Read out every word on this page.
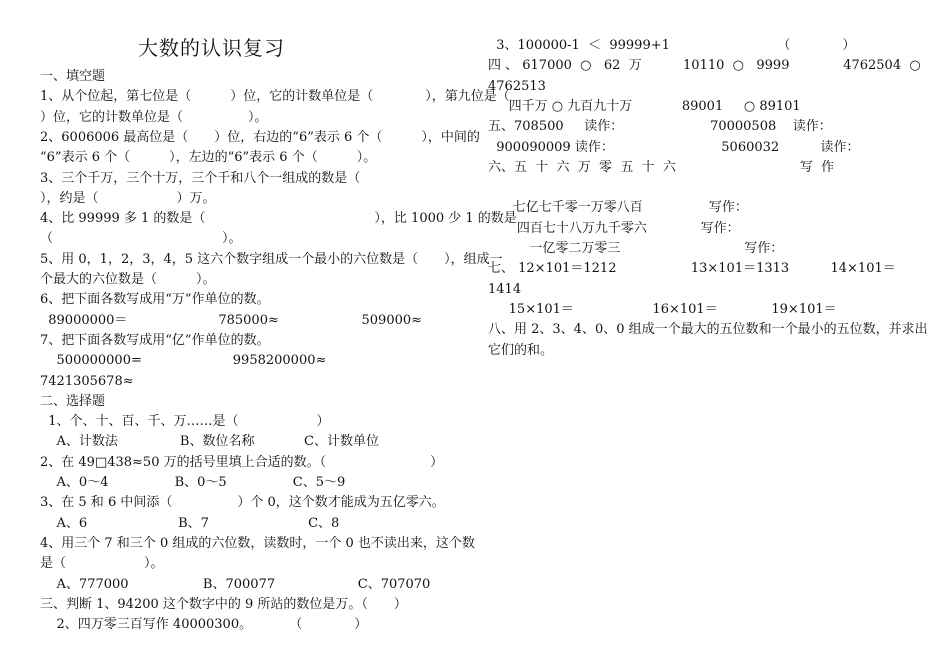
大数的认识复习
一、填空题
1、从个位起，第七位是（　　　）位，它的计数单位是（　　　　），第九位是（
）位，它的计数单位是（　　　　　）。
2、6006006 最高位是（　　）位，右边的“6”表示 6 个（　　　），中间的
“6”表示 6 个（　　　），左边的“6”表示 6 个（　　　）。
3、三个千万，三个十万，三个千和八个一组成的数是（
），约是（　　　　　　）万。
4、比 99999 多 1 的数是（　　　　　　　　　　　　　），比 1000 少 1 的数是
（　　　　　　　　　　　　　）。
5、用 0，1，2，3，4，5 这六个数字组成一个最小的六位数是（　　），组成一
个最大的六位数是（　　　）。
6、把下面各数写成用“万”作单位的数。
89000000＝                      785000≈                    509000≈
7、把下面各数写成用“亿”作单位的数。
500000000=                      9958200000≈
7421305678≈
二、选择题
1、个、十、百、千、万……是（　　　　　　）
A、计数法               B、数位名称            C、计数单位
2、在 49□438≈50 万的括号里填上合适的数。（　　　　　　　　）
A、0～4                B、0～5                C、5～9
3、在 5 和 6 中间添（　　　　　）个 0，这个数才能成为五亿零六。
A、6                      B、7                        C、8
4、用三个 7 和三个 0 组成的六位数，读数时，一个 0 也不读出来，这个数
是（　　　　　　）。
A、777000                  B、700077                    C、707070
三、判断 1、94200 这个数字中的 9 所站的数位是万。（　　）
2、四万零三百写作 40000300。         （　　　　）
3、100000-1  ＜  99999+1                          （　　　　）
四 、 617000  ○   62  万          10110  ○   9999             4762504  ○
4762513
四千万 ○ 九百九十万            89001     ○ 89101
五、708500     读作：                     70000508    读作：
900090009 读作：                          5060032          读作：
六、五  十  六  万  零  五  十  六                              写  作
七亿七千零一万零八百                写作：
四百七十八万九千零六             写作：
一亿零二万零三                              写作：
七、 12×101＝1212                  13×101＝1313          14×101＝
1414
15×101＝                   16×101＝             19×101＝
八、用 2、3、4、0、0 组成一个最大的五位数和一个最小的五位数，并求出
它们的和。
